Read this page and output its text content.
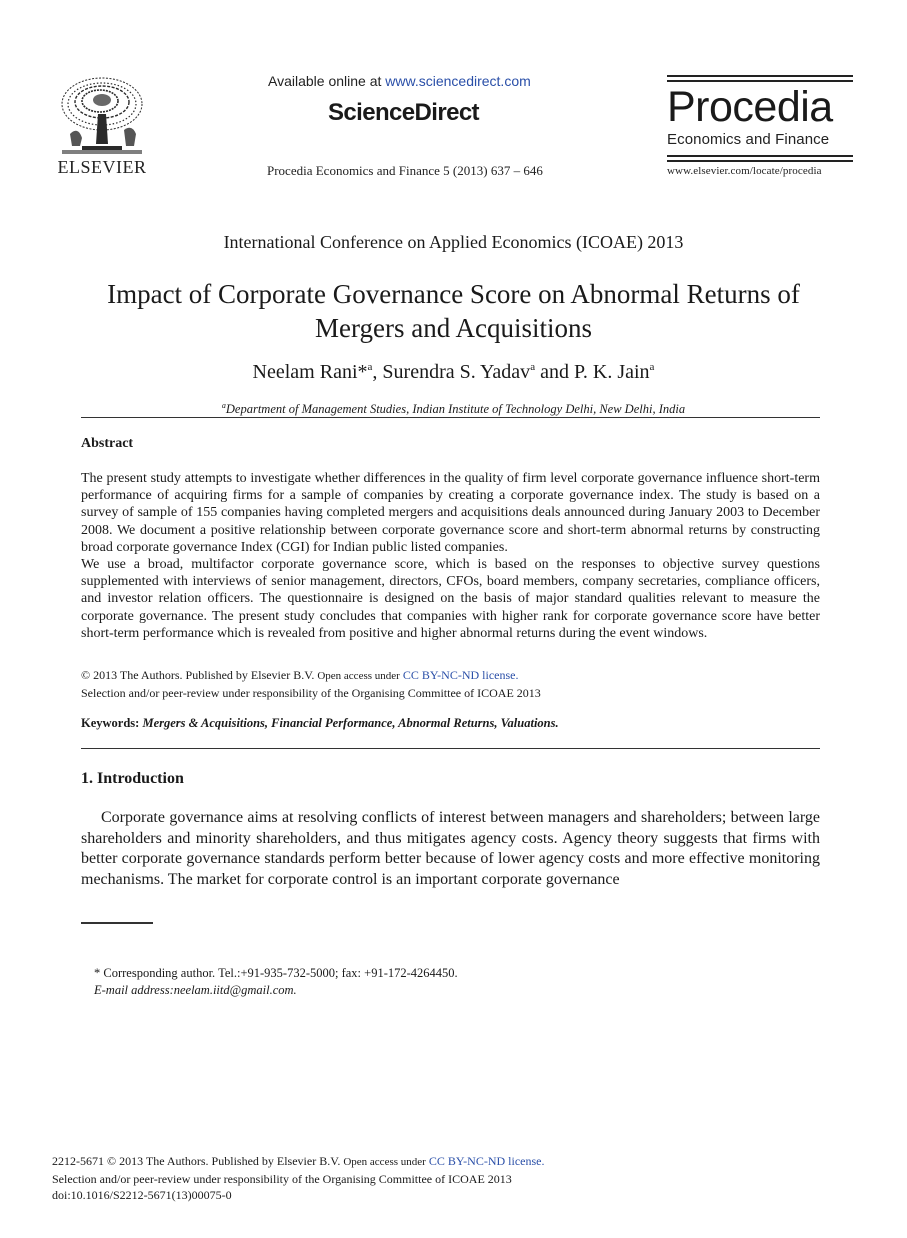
ELSEVIER
Available online at www.sciencedirect.com
ScienceDirect
Procedia Economics and Finance 5 (2013) 637 – 646
Procedia
Economics and Finance
www.elsevier.com/locate/procedia
International Conference on Applied Economics (ICOAE) 2013
Impact of Corporate Governance Score on Abnormal Returns of
Mergers and Acquisitions
Neelam Rani*$^a$, Surendra S. Yadav$^a$ and P. K. Jain$^a$
$^a$Department of Management Studies, Indian Institute of Technology Delhi, New Delhi, India
Abstract

The present study attempts to investigate whether differences in the quality of firm level corporate governance influence short-term performance of acquiring firms for a sample of companies by creating a corporate governance index. The study is based on a survey of sample of 155 companies having completed mergers and acquisitions deals announced during January 2003 to December 2008. We document a positive relationship between corporate governance score and short-term abnormal returns by constructing broad corporate governance Index (CGI) for Indian public listed companies.

We use a broad, multifactor corporate governance score, which is based on the responses to objective survey questions supplemented with interviews of senior management, directors, CFOs, board members, company secretaries, compliance officers, and investor relation officers. The questionnaire is designed on the basis of major standard qualities relevant to measure the corporate governance. The present study concludes that companies with higher rank for corporate governance score have better short-term performance which is revealed from positive and higher abnormal returns during the event windows.

© 2013 The Authors. Published by Elsevier B.V. Open access under CC BY-NC-ND license.
Selection and/or peer-review under responsibility of the Organising Committee of ICOAE 2013
Keywords: Mergers & Acquisitions, Financial Performance, Abnormal Returns, Valuations.
1. Introduction
Corporate governance aims at resolving conflicts of interest between managers and shareholders; between large shareholders and minority shareholders, and thus mitigates agency costs. Agency theory suggests that firms with better corporate governance standards perform better because of lower agency costs and more effective monitoring mechanisms. The market for corporate control is an important corporate governance
* Corresponding author. Tel.:+91-935-732-5000; fax: +91-172-4264450.
E-mail address:neelam.iitd@gmail.com.
2212-5671 © 2013 The Authors. Published by Elsevier B.V. Open access under CC BY-NC-ND license.
Selection and/or peer-review under responsibility of the Organising Committee of ICOAE 2013
doi:10.1016/S2212-5671(13)00075-0
